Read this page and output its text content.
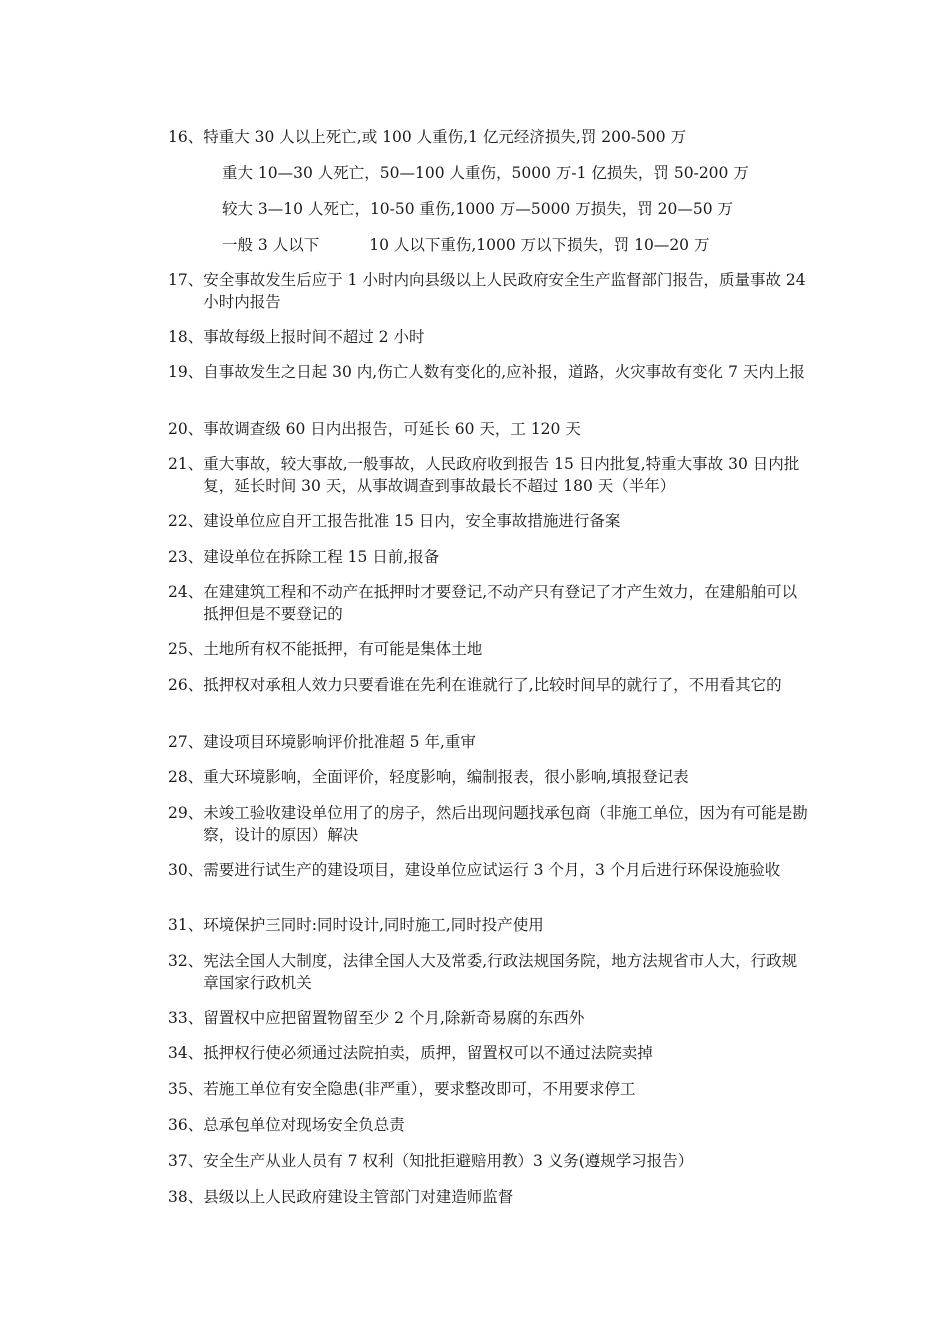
16、 特重大 30 人以上死亡,或 100 人重伤,1 亿元经济损失,罚 200-500 万
重大 10—30 人死亡，50—100 人重伤，5000 万-1 亿损失，罚 50-200 万
较大 3—10 人死亡，10-50 重伤,1000 万—5000 万损失，罚 20—50 万
一般 3 人以下	10 人以下重伤,1000 万以下损失，罚 10—20 万
17、 安全事故发生后应于 1 小时内向县级以上人民政府安全生产监督部门报告，质量事故 24 小时内报告
18、 事故每级上报时间不超过 2 小时
19、 自事故发生之日起 30 内,伤亡人数有变化的,应补报，道路，火灾事故有变化 7 天内上报
20、 事故调查级 60 日内出报告，可延长 60 天，工 120 天
21、 重大事故，较大事故,一般事故，人民政府收到报告 15 日内批复,特重大事故 30 日内批复，延长时间 30 天，从事故调查到事故最长不超过 180 天（半年）
22、 建设单位应自开工报告批准 15 日内，安全事故措施进行备案
23、 建设单位在拆除工程 15 日前,报备
24、 在建建筑工程和不动产在抵押时才要登记,不动产只有登记了才产生效力，在建船舶可以抵押但是不要登记的
25、 土地所有权不能抵押，有可能是集体土地
26、 抵押权对承租人效力只要看谁在先利在谁就行了,比较时间早的就行了，不用看其它的
27、 建设项目环境影响评价批准超 5 年,重审
28、 重大环境影响，全面评价，轻度影响，编制报表，很小影响,填报登记表
29、 未竣工验收建设单位用了的房子，然后出现问题找承包商（非施工单位，因为有可能是勘察，设计的原因）解决
30、 需要进行试生产的建设项目，建设单位应试运行 3 个月，3 个月后进行环保设施验收
31、 环境保护三同时:同时设计,同时施工,同时投产使用
32、 宪法全国人大制度，法律全国人大及常委,行政法规国务院，地方法规省市人大，行政规章国家行政机关
33、 留置权中应把留置物留至少 2 个月,除新奇易腐的东西外
34、 抵押权行使必须通过法院拍卖，质押，留置权可以不通过法院卖掉
35、 若施工单位有安全隐患(非严重），要求整改即可，不用要求停工
36、 总承包单位对现场安全负总责
37、 安全生产从业人员有 7 权利（知批拒避赔用教）3 义务(遵规学习报告）
38、 县级以上人民政府建设主管部门对建造师监督
